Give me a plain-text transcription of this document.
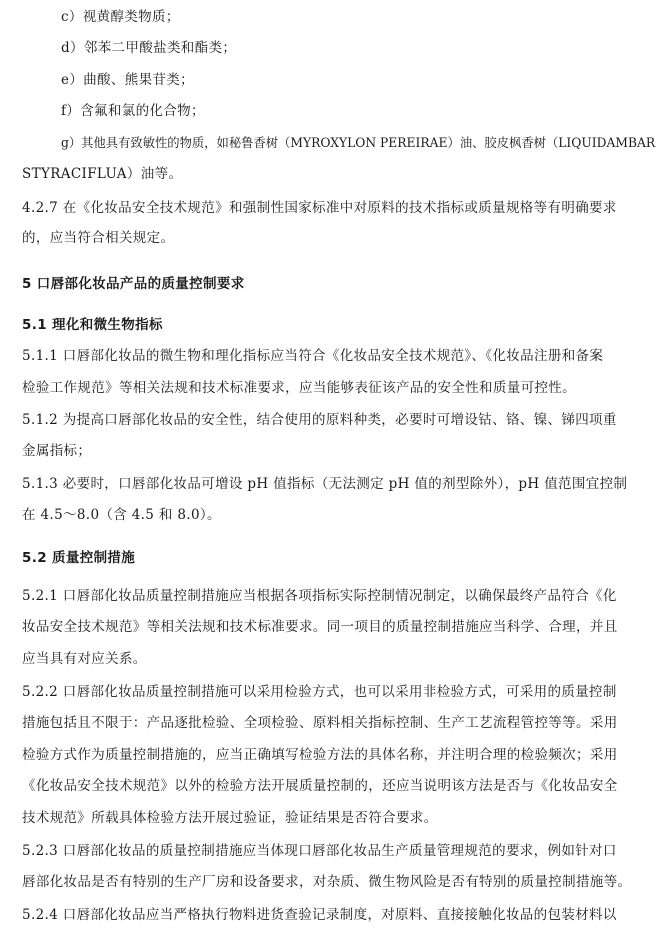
c）视黄醇类物质；
d）邻苯二甲酸盐类和酯类；
e）曲酸、熊果苷类；
f）含氟和氯的化合物；
g）其他具有致敏性的物质，如秘鲁香树（MYROXYLON PEREIRAE）油、胶皮枫香树（LIQUIDAMBAR
STYRACIFLUA）油等。
4.2.7 在《化妆品安全技术规范》和强制性国家标准中对原料的技术指标或质量规格等有明确要求
的，应当符合相关规定。
5 口唇部化妆品产品的质量控制要求
5.1 理化和微生物指标
5.1.1 口唇部化妆品的微生物和理化指标应当符合《化妆品安全技术规范》、《化妆品注册和备案
检验工作规范》等相关法规和技术标准要求，应当能够表征该产品的安全性和质量可控性。
5.1.2 为提高口唇部化妆品的安全性，结合使用的原料种类，必要时可增设钴、铬、镍、锑四项重
金属指标；
5.1.3 必要时，口唇部化妆品可增设 pH 值指标（无法测定 pH 值的剂型除外），pH 值范围宜控制
在 4.5～8.0（含 4.5 和 8.0）。
5.2 质量控制措施
5.2.1 口唇部化妆品质量控制措施应当根据各项指标实际控制情况制定，以确保最终产品符合《化
妆品安全技术规范》等相关法规和技术标准要求。同一项目的质量控制措施应当科学、合理，并且
应当具有对应关系。
5.2.2 口唇部化妆品质量控制措施可以采用检验方式，也可以采用非检验方式，可采用的质量控制
措施包括且不限于：产品逐批检验、全项检验、原料相关指标控制、生产工艺流程管控等等。采用
检验方式作为质量控制措施的，应当正确填写检验方法的具体名称，并注明合理的检验频次；采用
《化妆品安全技术规范》以外的检验方法开展质量控制的，还应当说明该方法是否与《化妆品安全
技术规范》所载具体检验方法开展过验证，验证结果是否符合要求。
5.2.3 口唇部化妆品的质量控制措施应当体现口唇部化妆品生产质量管理规范的要求，例如针对口
唇部化妆品是否有特别的生产厂房和设备要求，对杂质、微生物风险是否有特别的质量控制措施等。
5.2.4 口唇部化妆品应当严格执行物料进货查验记录制度，对原料、直接接触化妆品的包装材料以
